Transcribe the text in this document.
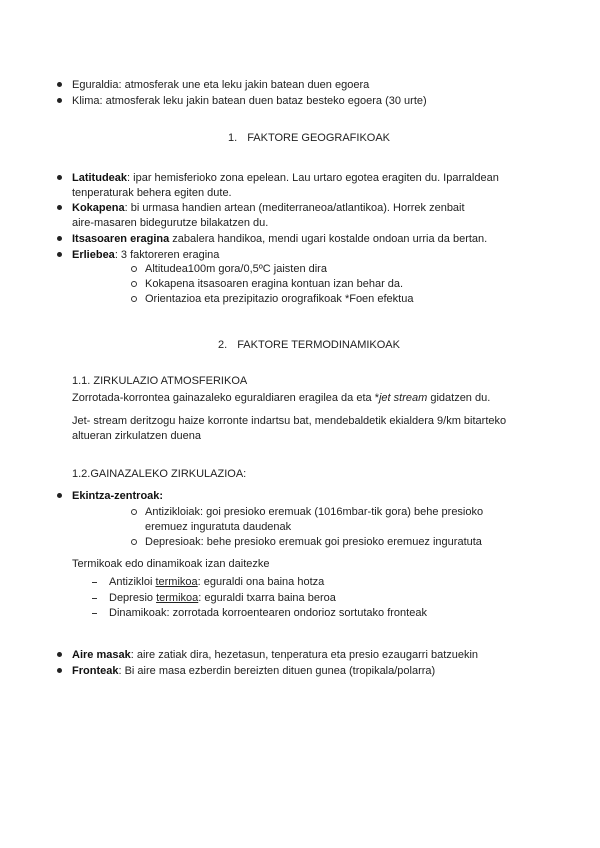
Eguraldia: atmosferak une eta leku jakin batean duen egoera
Klima: atmosferak leku jakin batean duen bataz besteko egoera (30 urte)
1. FAKTORE GEOGRAFIKOAK
Latitudeak: ipar hemisferioko zona epelean. Lau urtaro egotea eragiten du. Iparraldean
tenperaturak behera egiten dute.
Kokapena: bi urmasa handien artean (mediterraneoa/atlantikoa). Horrek zenbait
aire-masaren bidegurutze bilakatzen du.
Itsasoaren eragina zabalera handikoa, mendi ugari kostalde ondoan urria da bertan.
Erliebea: 3 faktoreren eragina
Altitudea100m gora/0,5ºC jaisten dira
Kokapena itsasoaren eragina kontuan izan behar da.
Orientazioa eta prezipitazio orografikoak *Foen efektua
2. FAKTORE TERMODINAMIKOAK
1.1. ZIRKULAZIO ATMOSFERIKOA
Zorrotada-korrontea gainazaleko eguraldiaren eragilea da eta *jet stream gidatzen du.
Jet- stream deritzogu haize korronte indartsu bat, mendebaldetik ekialdera 9/km bitarteko
altueran zirkulatzen duena
1.2.GAINAZALEKO ZIRKULAZIOA:
Ekintza-zentroak:
Antizikloiak: goi presioko eremuak (1016mbar-tik gora) behe presioko
eremuez inguratuta daudenak
Depresioak: behe presioko eremuak goi presioko eremuez inguratuta
Termikoak edo dinamikoak izan daitezke
Antizikloi termikoa: eguraldi ona baina hotza
Depresio termikoa: eguraldi txarra baina beroa
Dinamikoak: zorrotada korroentearen ondorioz sortutako fronteak
Aire masak: aire zatiak dira, hezetasun, tenperatura eta presio ezaugarri batzuekin
Fronteak: Bi aire masa ezberdin bereizten dituen gunea (tropikala/polarra)
